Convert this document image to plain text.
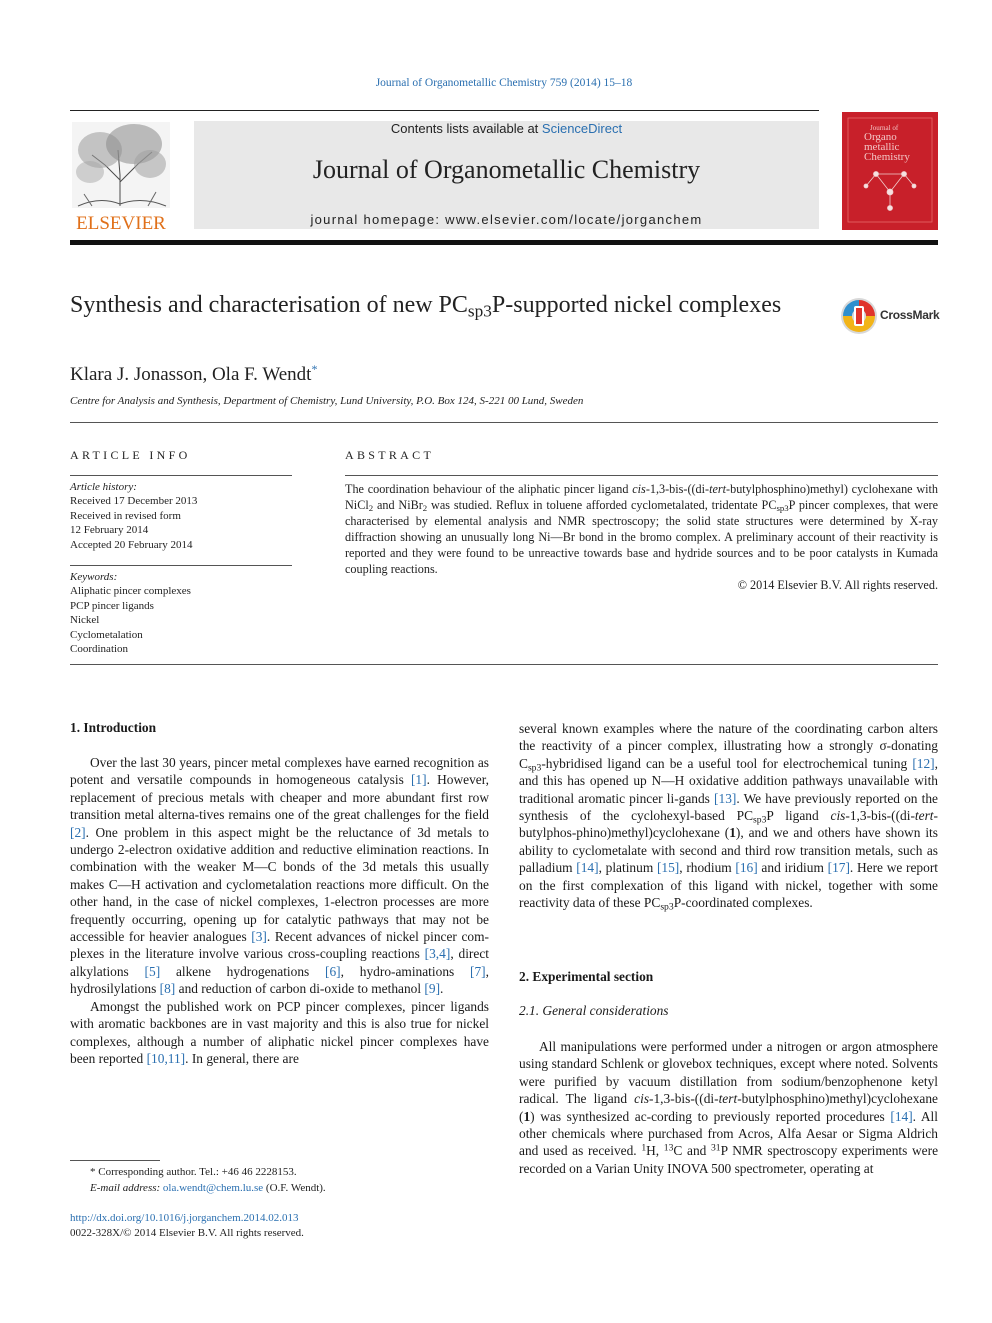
Journal of Organometallic Chemistry 759 (2014) 15–18
ELSEVIER
Contents lists available at ScienceDirect
Journal of Organometallic Chemistry
journal homepage: www.elsevier.com/locate/jorganchem
Journal of
Organo
metallic
Chemistry
Synthesis and characterisation of new $PC_{sp3}P$-supported nickel complexes	CrossMark
Klara J. Jonasson, Ola F. Wendt*
Centre for Analysis and Synthesis, Department of Chemistry, Lund University, P.O. Box 124, S-221 00 Lund, Sweden
ARTICLE INFO	ABSTRACT
Article history:
Received 17 December 2013
Received in revised form
12 February 2014
Accepted 20 February 2014
Keywords:
Aliphatic pincer complexes
PCP pincer ligands
Nickel
Cyclometalation
Coordination
The coordination behaviour of the aliphatic pincer ligand cis-1,3-bis-((di-tert-butylphosphino)methyl) cyclohexane with NiCl$_2$ and NiBr$_2$ was studied. Reflux in toluene afforded cyclometalated, tridentate $PC_{sp3}P$ pincer complexes, that were characterised by elemental analysis and NMR spectroscopy; the solid state structures were determined by X-ray diffraction showing an unusually long Ni—Br bond in the bromo complex. A preliminary account of their reactivity is reported and they were found to be unreactive towards base and hydride sources and to be poor catalysts in Kumada coupling reactions.
© 2014 Elsevier B.V. All rights reserved.
1. Introduction

Over the last 30 years, pincer metal complexes have earned recognition as potent and versatile compounds in homogeneous catalysis [1]. However, replacement of precious metals with cheaper and more abundant first row transition metal alterna-tives remains one of the great challenges for the field [2]. One problem in this aspect might be the reluctance of 3d metals to undergo 2-electron oxidative addition and reductive elimination reactions. In combination with the weaker M—C bonds of the 3d metals this usually makes C—H activation and cyclometalation reactions more difficult. On the other hand, in the case of nickel complexes, 1-electron processes are more frequently occurring, opening up for catalytic pathways that may not be accessible for heavier analogues [3]. Recent advances of nickel pincer com-plexes in the literature involve various cross-coupling reactions [3,4], direct alkylations [5] alkene hydrogenations [6], hydro-aminations [7], hydrosilylations [8] and reduction of carbon di-oxide to methanol [9].

Amongst the published work on PCP pincer complexes, pincer ligands with aromatic backbones are in vast majority and this is also true for nickel complexes, although a number of aliphatic nickel pincer complexes have been reported [10,11]. In general, there are

several known examples where the nature of the coordinating carbon alters the reactivity of a pincer complex, illustrating how a strongly σ-donating $C_{sp3}$-hybridised ligand can be a useful tool for electrochemical tuning [12], and this has opened up N—H oxidative addition pathways unavailable with traditional aromatic pincer li-gands [13]. We have previously reported on the synthesis of the cyclohexyl-based $PC_{sp3}P$ ligand cis-1,3-bis-((di-tert-butylphos-phino)methyl)cyclohexane (1), and we and others have shown its ability to cyclometalate with second and third row transition metals, such as palladium [14], platinum [15], rhodium [16] and iridium [17]. Here we report on the first complexation of this ligand with nickel, together with some reactivity data of these $PC_{sp3}P$-coordinated complexes.

2. Experimental section
2.1. General considerations

All manipulations were performed under a nitrogen or argon atmosphere using standard Schlenk or glovebox techniques, except where noted. Solvents were purified by vacuum distillation from sodium/benzophenone ketyl radical. The ligand cis-1,3-bis-((di-tert-butylphosphino)methyl)cyclohexane (1) was synthesized ac-cording to previously reported procedures [14]. All other chemicals where purchased from Acros, Alfa Aesar or Sigma Aldrich and used as received. $^1$H, $^{13}$C and $^{31}$P NMR spectroscopy experiments were recorded on a Varian Unity INOVA 500 spectrometer, operating at

* Corresponding author. Tel.: +46 46 2228153.
E-mail address: ola.wendt@chem.lu.se (O.F. Wendt).
http://dx.doi.org/10.1016/j.jorganchem.2014.02.013
0022-328X/© 2014 Elsevier B.V. All rights reserved.
